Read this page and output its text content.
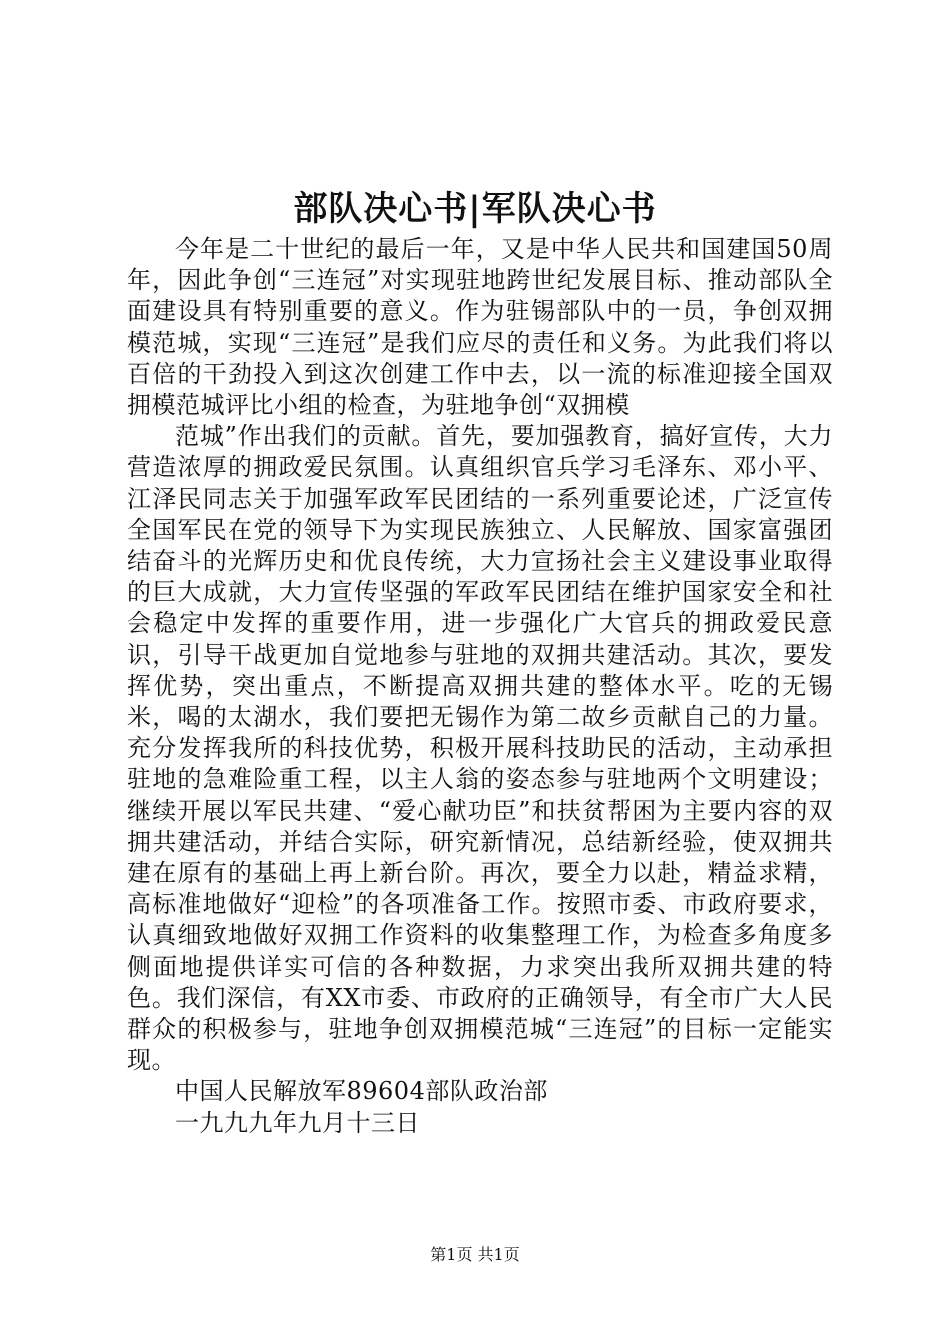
部队决心书|军队决心书

今年是二十世纪的最后一年，又是中华人民共和国建国50周年，因此争创“三连冠”对实现驻地跨世纪发展目标、推动部队全面建设具有特别重要的意义。作为驻锡部队中的一员，争创双拥模范城，实现“三连冠”是我们应尽的责任和义务。为此我们将以百倍的干劲投入到这次创建工作中去，以一流的标准迎接全国双拥模范城评比小组的检查，为驻地争创“双拥模

范城”作出我们的贡献。首先，要加强教育，搞好宣传，大力营造浓厚的拥政爱民氛围。认真组织官兵学习毛泽东、邓小平、江泽民同志关于加强军政军民团结的一系列重要论述，广泛宣传全国军民在党的领导下为实现民族独立、人民解放、国家富强团结奋斗的光辉历史和优良传统，大力宣扬社会主义建设事业取得的巨大成就，大力宣传坚强的军政军民团结在维护国家安全和社会稳定中发挥的重要作用，进一步强化广大官兵的拥政爱民意识，引导干战更加自觉地参与驻地的双拥共建活动。其次，要发挥优势，突出重点，不断提高双拥共建的整体水平。吃的无锡米，喝的太湖水，我们要把无锡作为第二故乡贡献自己的力量。充分发挥我所的科技优势，积极开展科技助民的活动，主动承担驻地的急难险重工程，以主人翁的姿态参与驻地两个文明建设；继续开展以军民共建、“爱心献功臣”和扶贫帮困为主要内容的双拥共建活动，并结合实际，研究新情况，总结新经验，使双拥共建在原有的基础上再上新台阶。再次，要全力以赴，精益求精，高标准地做好“迎检”的各项准备工作。按照市委、市政府要求，认真细致地做好双拥工作资料的收集整理工作，为检查多角度多侧面地提供详实可信的各种数据，力求突出我所双拥共建的特色。我们深信，有XX市委、市政府的正确领导，有全市广大人民群众的积极参与，驻地争创双拥模范城“三连冠”的目标一定能实现。

中国人民解放军89604部队政治部

一九九九年九月十三日

第1页 共1页
